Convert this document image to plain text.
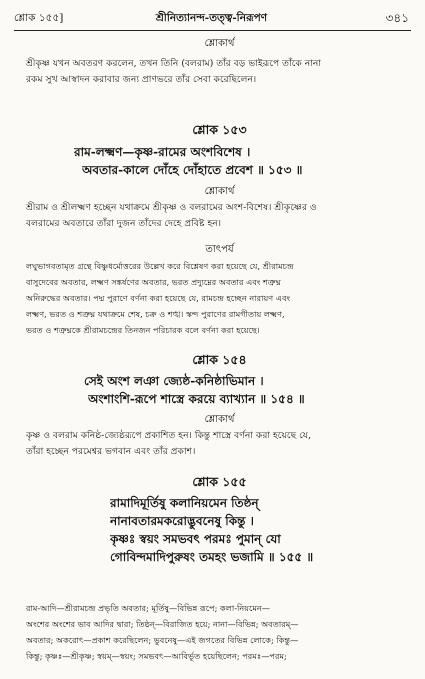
শ্লোক ১৫৫]	শ্রীনিত্যানন্দ-তত্ত্ব-নিরূপণ	৩৪১
শ্লোকার্থ
শ্রীকৃষ্ণ যখন অবতরণ করলেন, তখন তিনি (বলরাম) তাঁর বড় ভাইরূপে তাঁকে নানা
রকম সুখ আস্বাদন করাবার জন্য প্রাণভরে তাঁর সেবা করেছিলেন।
শ্লোক ১৫৩
রাম-লক্ষ্মণ—কৃষ্ণ-রামের অংশবিশেষ ।
অবতার-কালে দোঁহে দোঁহাতে প্রবেশ ॥ ১৫৩ ॥
শ্লোকার্থ
শ্রীরাম ও শ্রীলক্ষ্মণ হচ্ছেন যথাক্রমে শ্রীকৃষ্ণ ও বলরামের অংশ-বিশেষ। শ্রীকৃষ্ণের ও
বলরামের অবতারে তাঁরা দুজন তাঁদের দেহে প্রবিষ্ট হন।
তাৎপর্য
লঘুভাগবতামৃত গ্রন্থে বিষ্ণুধর্মোত্তরের উল্লেখ করে বিশ্লেষণ করা হয়েছে যে, শ্রীরামচন্দ্র
বাসুদেবের অবতার, লক্ষ্মণ সঙ্কর্ষণের অবতার, ভরত প্রদ্যুম্নের অবতার এবং শত্রুঘ্ন
অনিরুদ্ধের অবতার। পদ্ম পুরাণে বর্ণনা করা হয়েছে যে, রামচন্দ্র হচ্ছেন নারায়ণ এবং
লক্ষ্মণ, ভরত ও শত্রুঘ্ন যথাক্রমে শেষ, চক্র ও শঙ্খ। স্কন্দ পুরাণের রামগীতায় লক্ষ্মণ,
ভরত ও শত্রুঘ্নকে শ্রীরামচন্দ্রের তিনজন পরিচারক বলে বর্ণনা করা হয়েছে।
শ্লোক ১৫৪
সেই অংশ লঞা জ্যেষ্ঠ-কনিষ্ঠাভিমান ।
অংশাংশি-রূপে শাস্ত্রে করয়ে ব্যাখ্যান ॥ ১৫৪ ॥
শ্লোকার্থ
কৃষ্ণ ও বলরাম কনিষ্ঠ-জ্যেষ্ঠরূপে প্রকাশিত হন। কিন্তু শাস্ত্রে বর্ণনা করা হয়েছে যে,
তাঁরা হচ্ছেন পরমেশ্বর ভগবান এবং তাঁর প্রকাশ।
শ্লোক ১৫৫
রামাদিমূর্তিষু কলানিয়মেন তিষ্ঠন্
নানাবতারমকরোদ্ভুবনেষু কিন্তু ।
কৃষ্ণঃ স্বয়ং সমভবৎ পরমঃ পুমান্ যো
গোবিন্দমাদিপুরুষং তমহং ভজামি ॥ ১৫৫ ॥
রাম-আদি—শ্রীরামচন্দ্র প্রভৃতি অবতার; মূর্তিষু—বিভিন্ন রূপে; কলা-নিয়মেন—
অংশের অংশের ভাব আদির দ্বারা; তিষ্ঠন্—বিরাজিত হয়ে; নানা—বিভিন্ন; অবতারম্—
অবতার; অকরোৎ—প্রকাশ করেছিলেন; ভুবনেষু—এই জগতের বিভিন্ন লোকে; কিন্তু—
কিন্তু; কৃষ্ণঃ—শ্রীকৃষ্ণ; স্বয়ম্—স্বয়ং; সমভবৎ—আবির্ভূত হয়েছিলেন; পরমঃ—পরম;
